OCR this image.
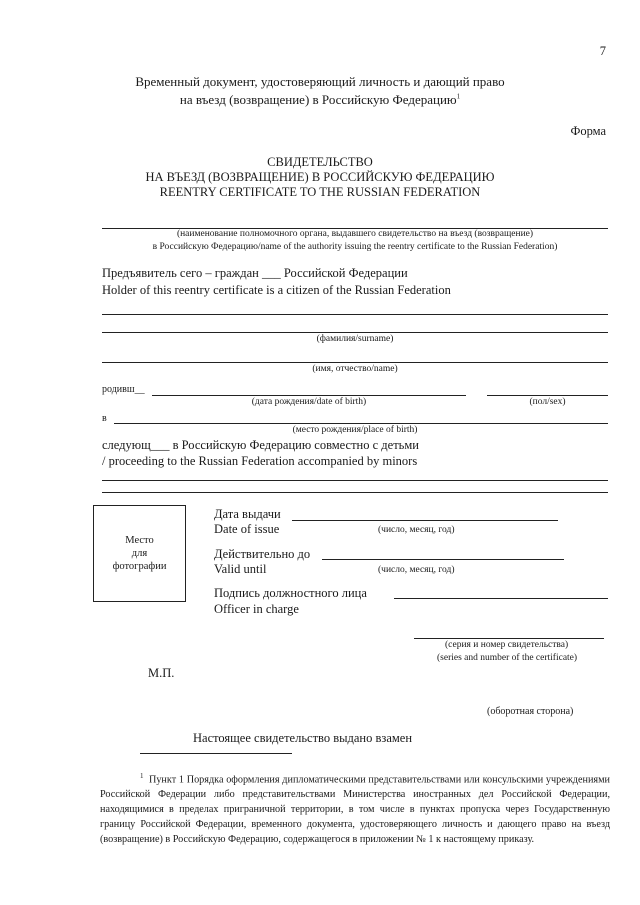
7
Временный документ, удостоверяющий личность и дающий право
на въезд (возвращение) в Российскую Федерацию$^1$
Форма
СВИДЕТЕЛЬСТВО
НА ВЪЕЗД (ВОЗВРАЩЕНИЕ) В РОССИЙСКУЮ ФЕДЕРАЦИЮ
REENTRY CERTIFICATE TO THE RUSSIAN FEDERATION
(наименование полномочного органа, выдавшего свидетельство на въезд (возвращение)
в Российскую Федерацию/name of the authority issuing the reentry certificate to the Russian Federation)
Предъявитель сего – граждан ___ Российской Федерации
Holder of this reentry certificate is a citizen of the Russian Federation
(фамилия/surname)
(имя, отчество/name)
родивш__
(дата рождения/date of birth)	(пол/sex)
в
(место рождения/place of birth)
следующ___ в Российскую Федерацию совместно с детьми
/ proceeding to the Russian Federation accompanied by minors
Место
для
фотографии
Дата выдачи
Date of issue	(число, месяц, год)
Действительно до
Valid until	(число, месяц, год)
Подпись должностного лица
Officer in charge
(серия и номер свидетельства)
(series and number of the certificate)
М.П.
(оборотная сторона)
Настоящее свидетельство выдано взамен
$^1$ Пункт 1 Порядка оформления дипломатическими представительствами или консульскими учреждениями Российской Федерации либо представительствами Министерства иностранных дел Российской Федерации, находящимися в пределах приграничной территории, в том числе в пунктах пропуска через Государственную границу Российской Федерации, временного документа, удостоверяющего личность и дающего право на въезд (возвращение) в Российскую Федерацию, содержащегося в приложении № 1 к настоящему приказу.
